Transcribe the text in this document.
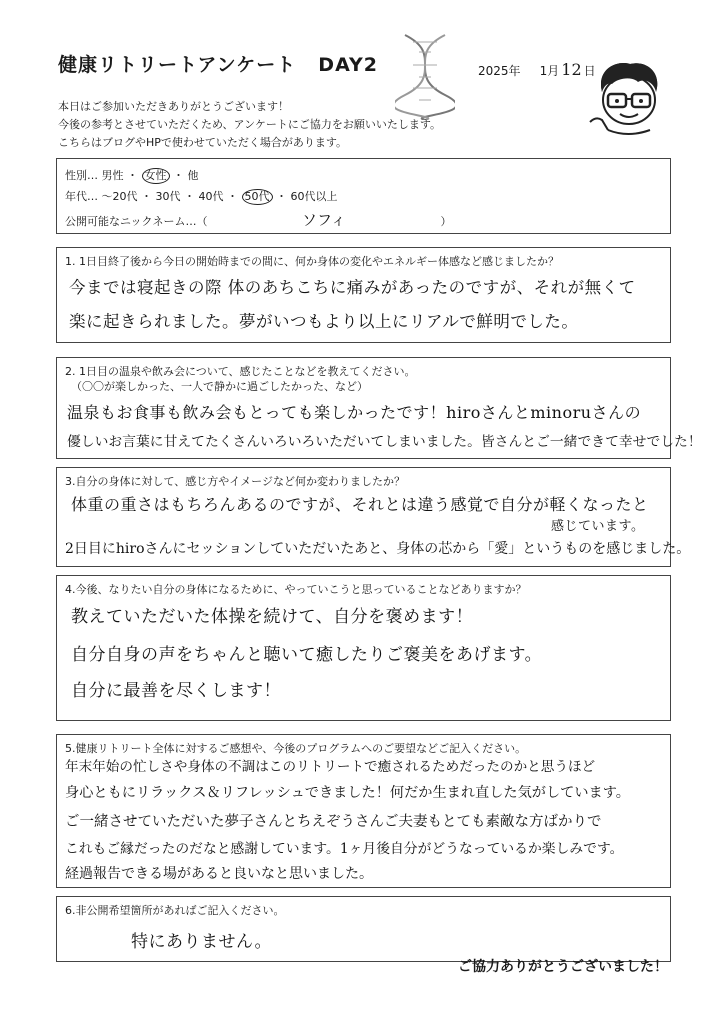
健康リトリートアンケート DAY2	2025年 1月 12 日
本日はご参加いただきありがとうございます！
今後の参考とさせていただくため、アンケートにご協力をお願いいたします。
こちらはブログやHPで使わせていただく場合があります。
性別… 男性 ・ 女性 ・ 他
年代… ～20代 ・ 30代 ・ 40代 ・ 50代 ・ 60代以上
公開可能なニックネーム…（	ソフィ	）
1. 1日目終了後から今日の開始時までの間に、何か身体の変化やエネルギー体感など感じましたか？
今までは寝起きの際 体のあちこちに痛みがあったのですが、それが無くて
楽に起きられました。夢がいつもより以上にリアルで鮮明でした。
2. 1日目の温泉や飲み会について、感じたことなどを教えてください。
（〇〇が楽しかった、一人で静かに過ごしたかった、など）
温泉もお食事も飲み会もとっても楽しかったです！hiroさんとminoruさんの
優しいお言葉に甘えてたくさんいろいろいただいてしまいました。皆さんとご一緒できて幸せでした！
3.自分の身体に対して、感じ方やイメージなど何か変わりましたか？
体重の重さはもちろんあるのですが、それとは違う感覚で自分が軽くなったと
感じています。
2日目にhiroさんにセッションしていただいたあと、身体の芯から「愛」というものを感じました。
4.今後、なりたい自分の身体になるために、やっていこうと思っていることなどありますか？
教えていただいた体操を続けて、自分を褒めます！
自分自身の声をちゃんと聴いて癒したりご褒美をあげます。
自分に最善を尽くします！
5.健康リトリート全体に対するご感想や、今後のプログラムへのご要望などご記入ください。
年末年始の忙しさや身体の不調はこのリトリートで癒されるためだったのかと思うほど
身心ともにリラックス＆リフレッシュできました！何だか生まれ直した気がしています。
ご一緒させていただいた夢子さんとちえぞうさんご夫妻もとても素敵な方ばかりで
これもご縁だったのだなと感謝しています。1ヶ月後自分がどうなっているか楽しみです。
経過報告できる場があると良いなと思いました。
6.非公開希望箇所があればご記入ください。
特にありません。
ご協力ありがとうございました！
